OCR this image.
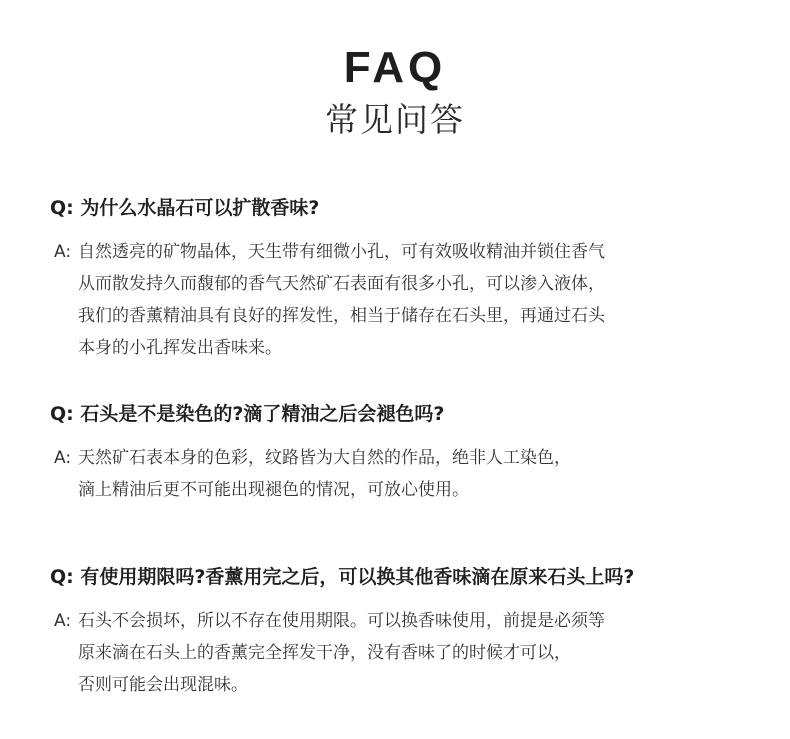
FAQ
常见问答
Q: 为什么水晶石可以扩散香味?
A: 自然透亮的矿物晶体，天生带有细微小孔，可有效吸收精油并锁住香气
从而散发持久而馥郁的香气天然矿石表面有很多小孔，可以渗入液体，
我们的香薰精油具有良好的挥发性，相当于储存在石头里，再通过石头
本身的小孔挥发出香味来。
Q: 石头是不是染色的?滴了精油之后会褪色吗?
A: 天然矿石表本身的色彩，纹路皆为大自然的作品，绝非人工染色，
滴上精油后更不可能出现褪色的情况，可放心使用。
Q: 有使用期限吗?香薰用完之后，可以换其他香味滴在原来石头上吗?
A: 石头不会损坏，所以不存在使用期限。可以换香味使用，前提是必须等
原来滴在石头上的香薰完全挥发干净，没有香味了的时候才可以，
否则可能会出现混味。
